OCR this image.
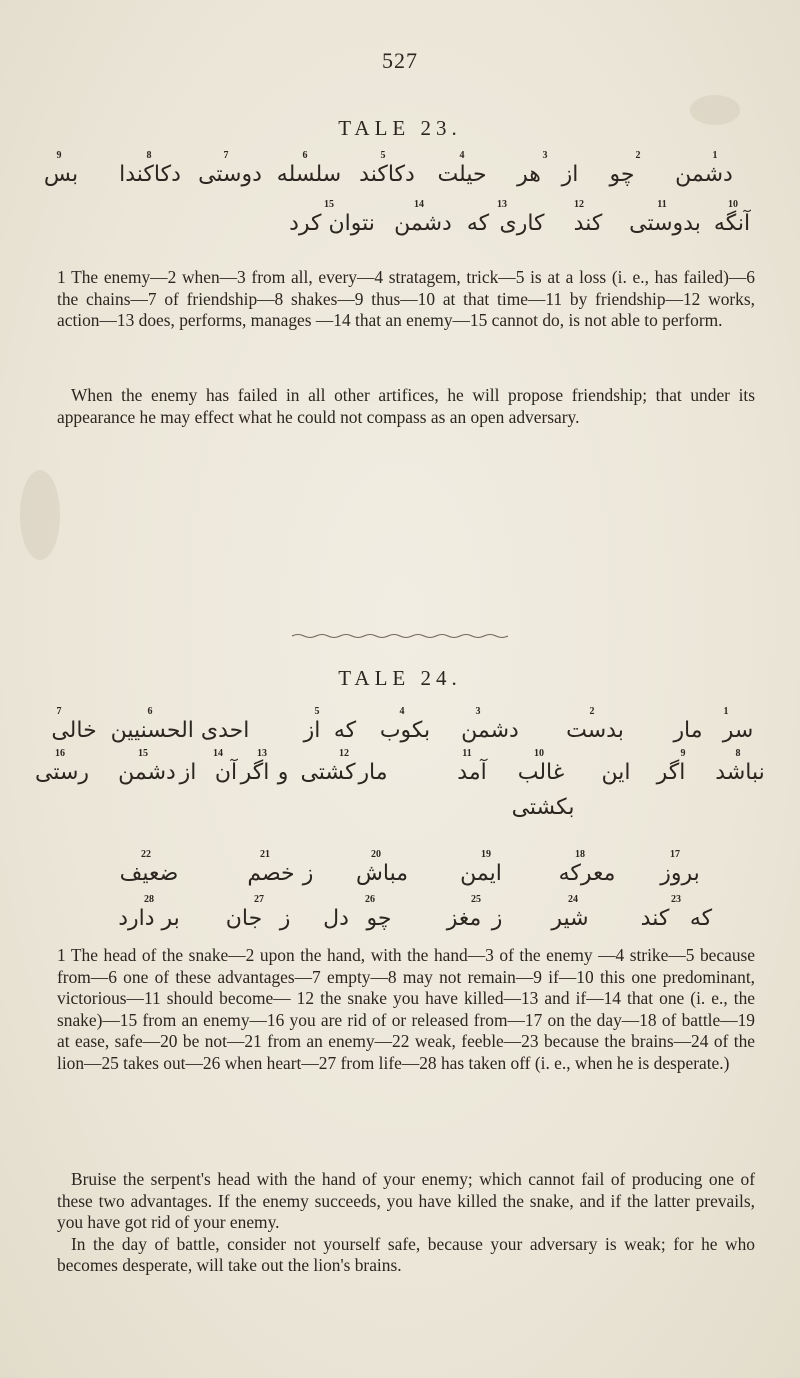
527
TALE 23.
9	8	7	6	5	4	3	2	1
بس دکاکندا دوستی سلسله دکاکند حیلت هر از چو دشمن
15	14	13	12	11	10
نتوان کرد دشمن که کاری کند بدوستی آنگه
1 The enemy—2 when—3 from all, every—4 stratagem, trick—5 is at a loss (i. e., has failed)—6 the chains—7 of friendship—8 shakes—9 thus—10 at that time—11 by friendship—12 works, action—13 does, performs, manages —14 that an enemy—15 cannot do, is not able to perform.

When the enemy has failed in all other artifices, he will propose friendship; that under its appearance he may effect what he could not compass as an open adversary.

TALE 24.
7	6	5	4	3	2	1
خالی احدی الحسنیین از که بکوب دشمن بدست مار سر
16	15	14	13	12	11	10	9	8
رستی دشمن از آن اگر و کشتی مار	آمد غالب این اگر نباشد
بکشتی
22	21	20	19	18	17
ضعیف	خصم ز مباش ایمن	معرکه بروز
28	27	26	25	24	23
بر دارد جان ز دل چو	مغز ز شیر کند که
1 The head of the snake—2 upon the hand, with the hand—3 of the enemy —4 strike—5 because from—6 one of these advantages—7 empty—8 may not remain—9 if—10 this one predominant, victorious—11 should become— 12 the snake you have killed—13 and if—14 that one (i. e., the snake)—15 from an enemy—16 you are rid of or released from—17 on the day—18 of battle—19 at ease, safe—20 be not—21 from an enemy—22 weak, feeble—23 because the brains—24 of the lion—25 takes out—26 when heart—27 from life—28 has taken off (i. e., when he is desperate.)

Bruise the serpent's head with the hand of your enemy; which cannot fail of producing one of these two advantages. If the enemy succeeds, you have killed the snake, and if the latter prevails, you have got rid of your enemy.

In the day of battle, consider not yourself safe, because your adversary is weak; for he who becomes desperate, will take out the lion's brains.
